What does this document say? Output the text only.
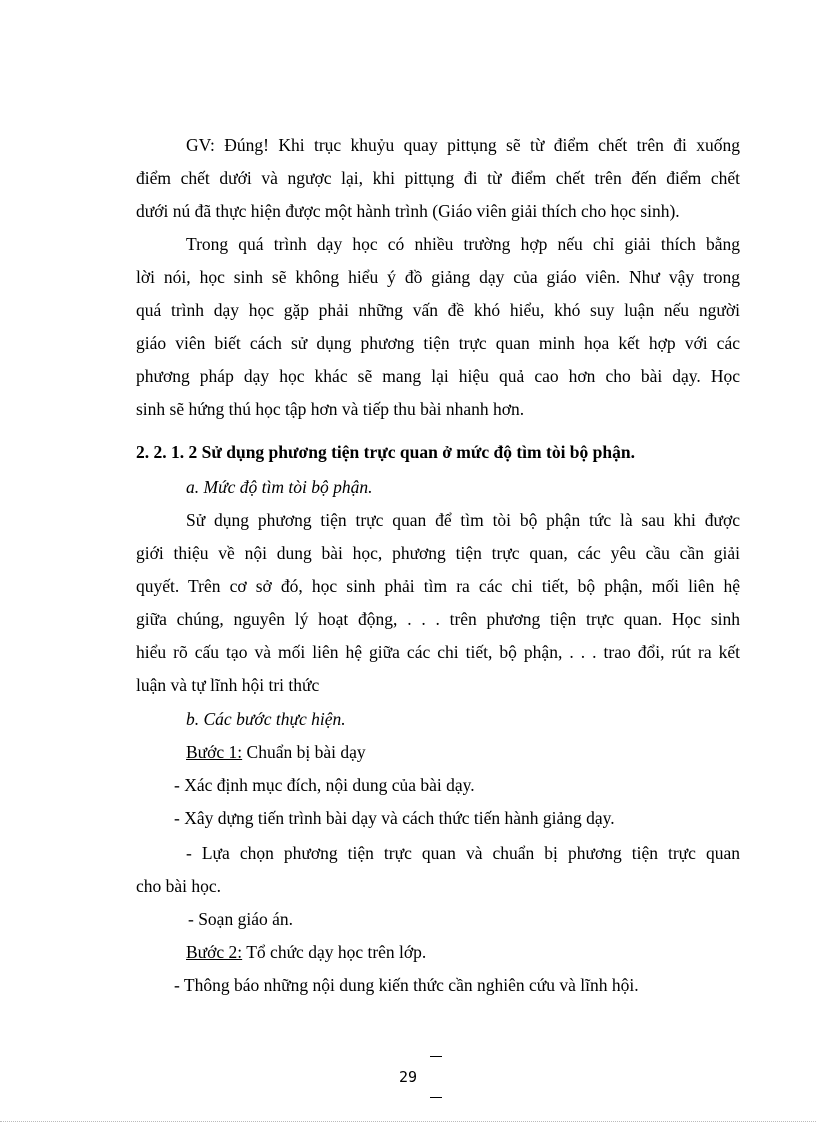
GV: Đúng! Khi trục khuỷu quay pittụng sẽ từ điểm chết trên đi xuống
điểm chết dưới và ngược lại, khi pittụng đi từ điểm chết trên đến điểm chết
dưới nú đã thực hiện được một hành trình (Giáo viên giải thích cho học sinh).
Trong quá trình dạy học có nhiều trường hợp nếu chỉ giải thích bằng
lời nói, học sinh sẽ không hiểu ý đồ giảng dạy của giáo viên. Như vậy trong
quá trình dạy học gặp phải những vấn đề khó hiểu, khó suy luận nếu người
giáo viên biết cách sử dụng phương tiện trực quan minh họa kết hợp với các
phương pháp dạy học khác sẽ mang lại hiệu quả cao hơn cho bài dạy. Học
sinh sẽ hứng thú học tập hơn và tiếp thu bài nhanh hơn.
2. 2. 1. 2 Sử dụng phương tiện trực quan ở mức độ tìm tòi bộ phận.
a. Mức độ tìm tòi bộ phận.
Sử dụng phương tiện trực quan để tìm tòi bộ phận tức là sau khi được
giới thiệu về nội dung bài học, phương tiện trực quan, các yêu cầu cần giải
quyết. Trên cơ sở đó, học sinh phải tìm ra các chi tiết, bộ phận, mối liên hệ
giữa chúng, nguyên lý hoạt động, . . . trên phương tiện trực quan. Học sinh
hiểu rõ cấu tạo và mối liên hệ giữa các chi tiết, bộ phận, . . . trao đổi, rút ra kết
luận và tự lĩnh hội tri thức
b. Các bước thực hiện.
Bước 1: Chuẩn bị bài dạy
- Xác định mục đích, nội dung của bài dạy.
- Xây dựng tiến trình bài dạy và cách thức tiến hành giảng dạy.
- Lựa chọn phương tiện trực quan và chuẩn bị phương tiện trực quan
cho bài học.
- Soạn giáo án.
Bước 2: Tổ chức dạy học trên lớp.
- Thông báo những nội dung kiến thức cần nghiên cứu và lĩnh hội.
29
